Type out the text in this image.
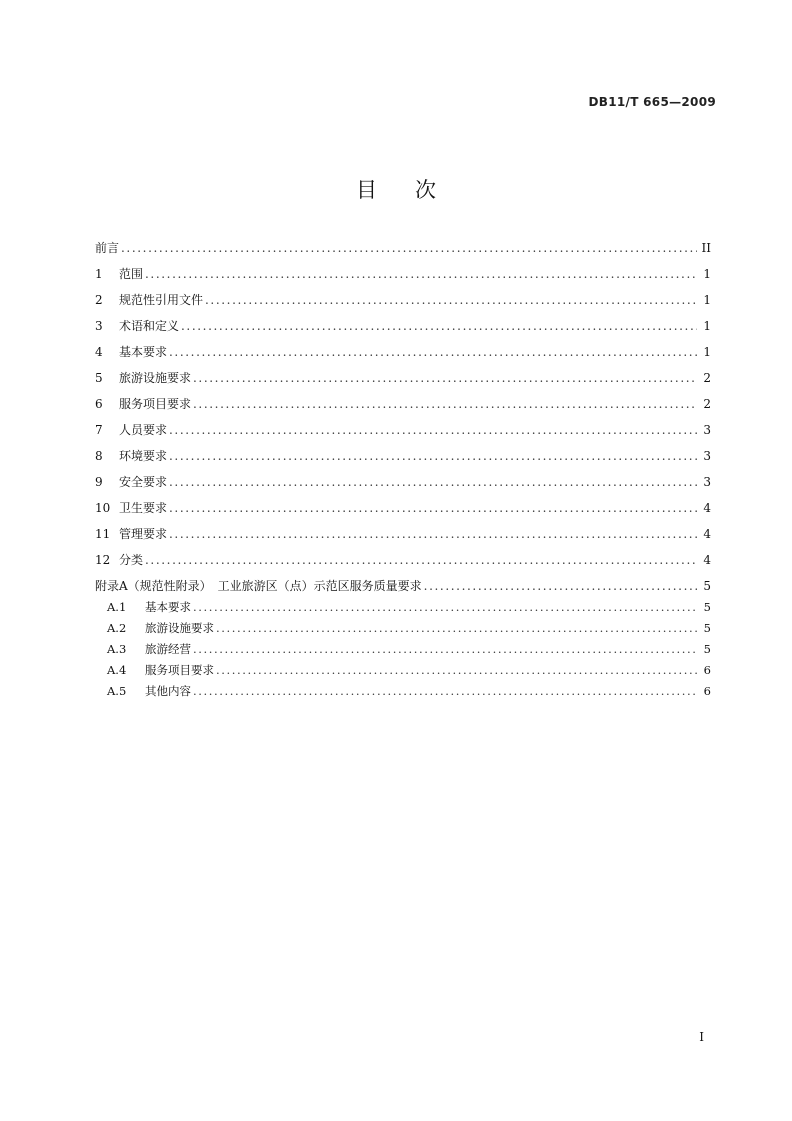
DB11/T 665—2009
目次
前言 .....	II
1	范围 .....	1
2	规范性引用文件 .....	1
3	术语和定义 .....	1
4	基本要求 .....	1
5	旅游设施要求 .....	2
6	服务项目要求 .....	2
7	人员要求 .....	3
8	环境要求 .....	3
9	安全要求 .....	3
10 卫生要求 .....	4
11 管理要求 .....	4
12 分类 .....	4
附录A（规范性附录）　工业旅游区（点）示范区服务质量要求 .....	5
A.1	基本要求 .....	5
A.2	旅游设施要求 .....	5
A.3	旅游经营 .....	5
A.4	服务项目要求 .....	6
A.5	其他内容 .....	6
I
